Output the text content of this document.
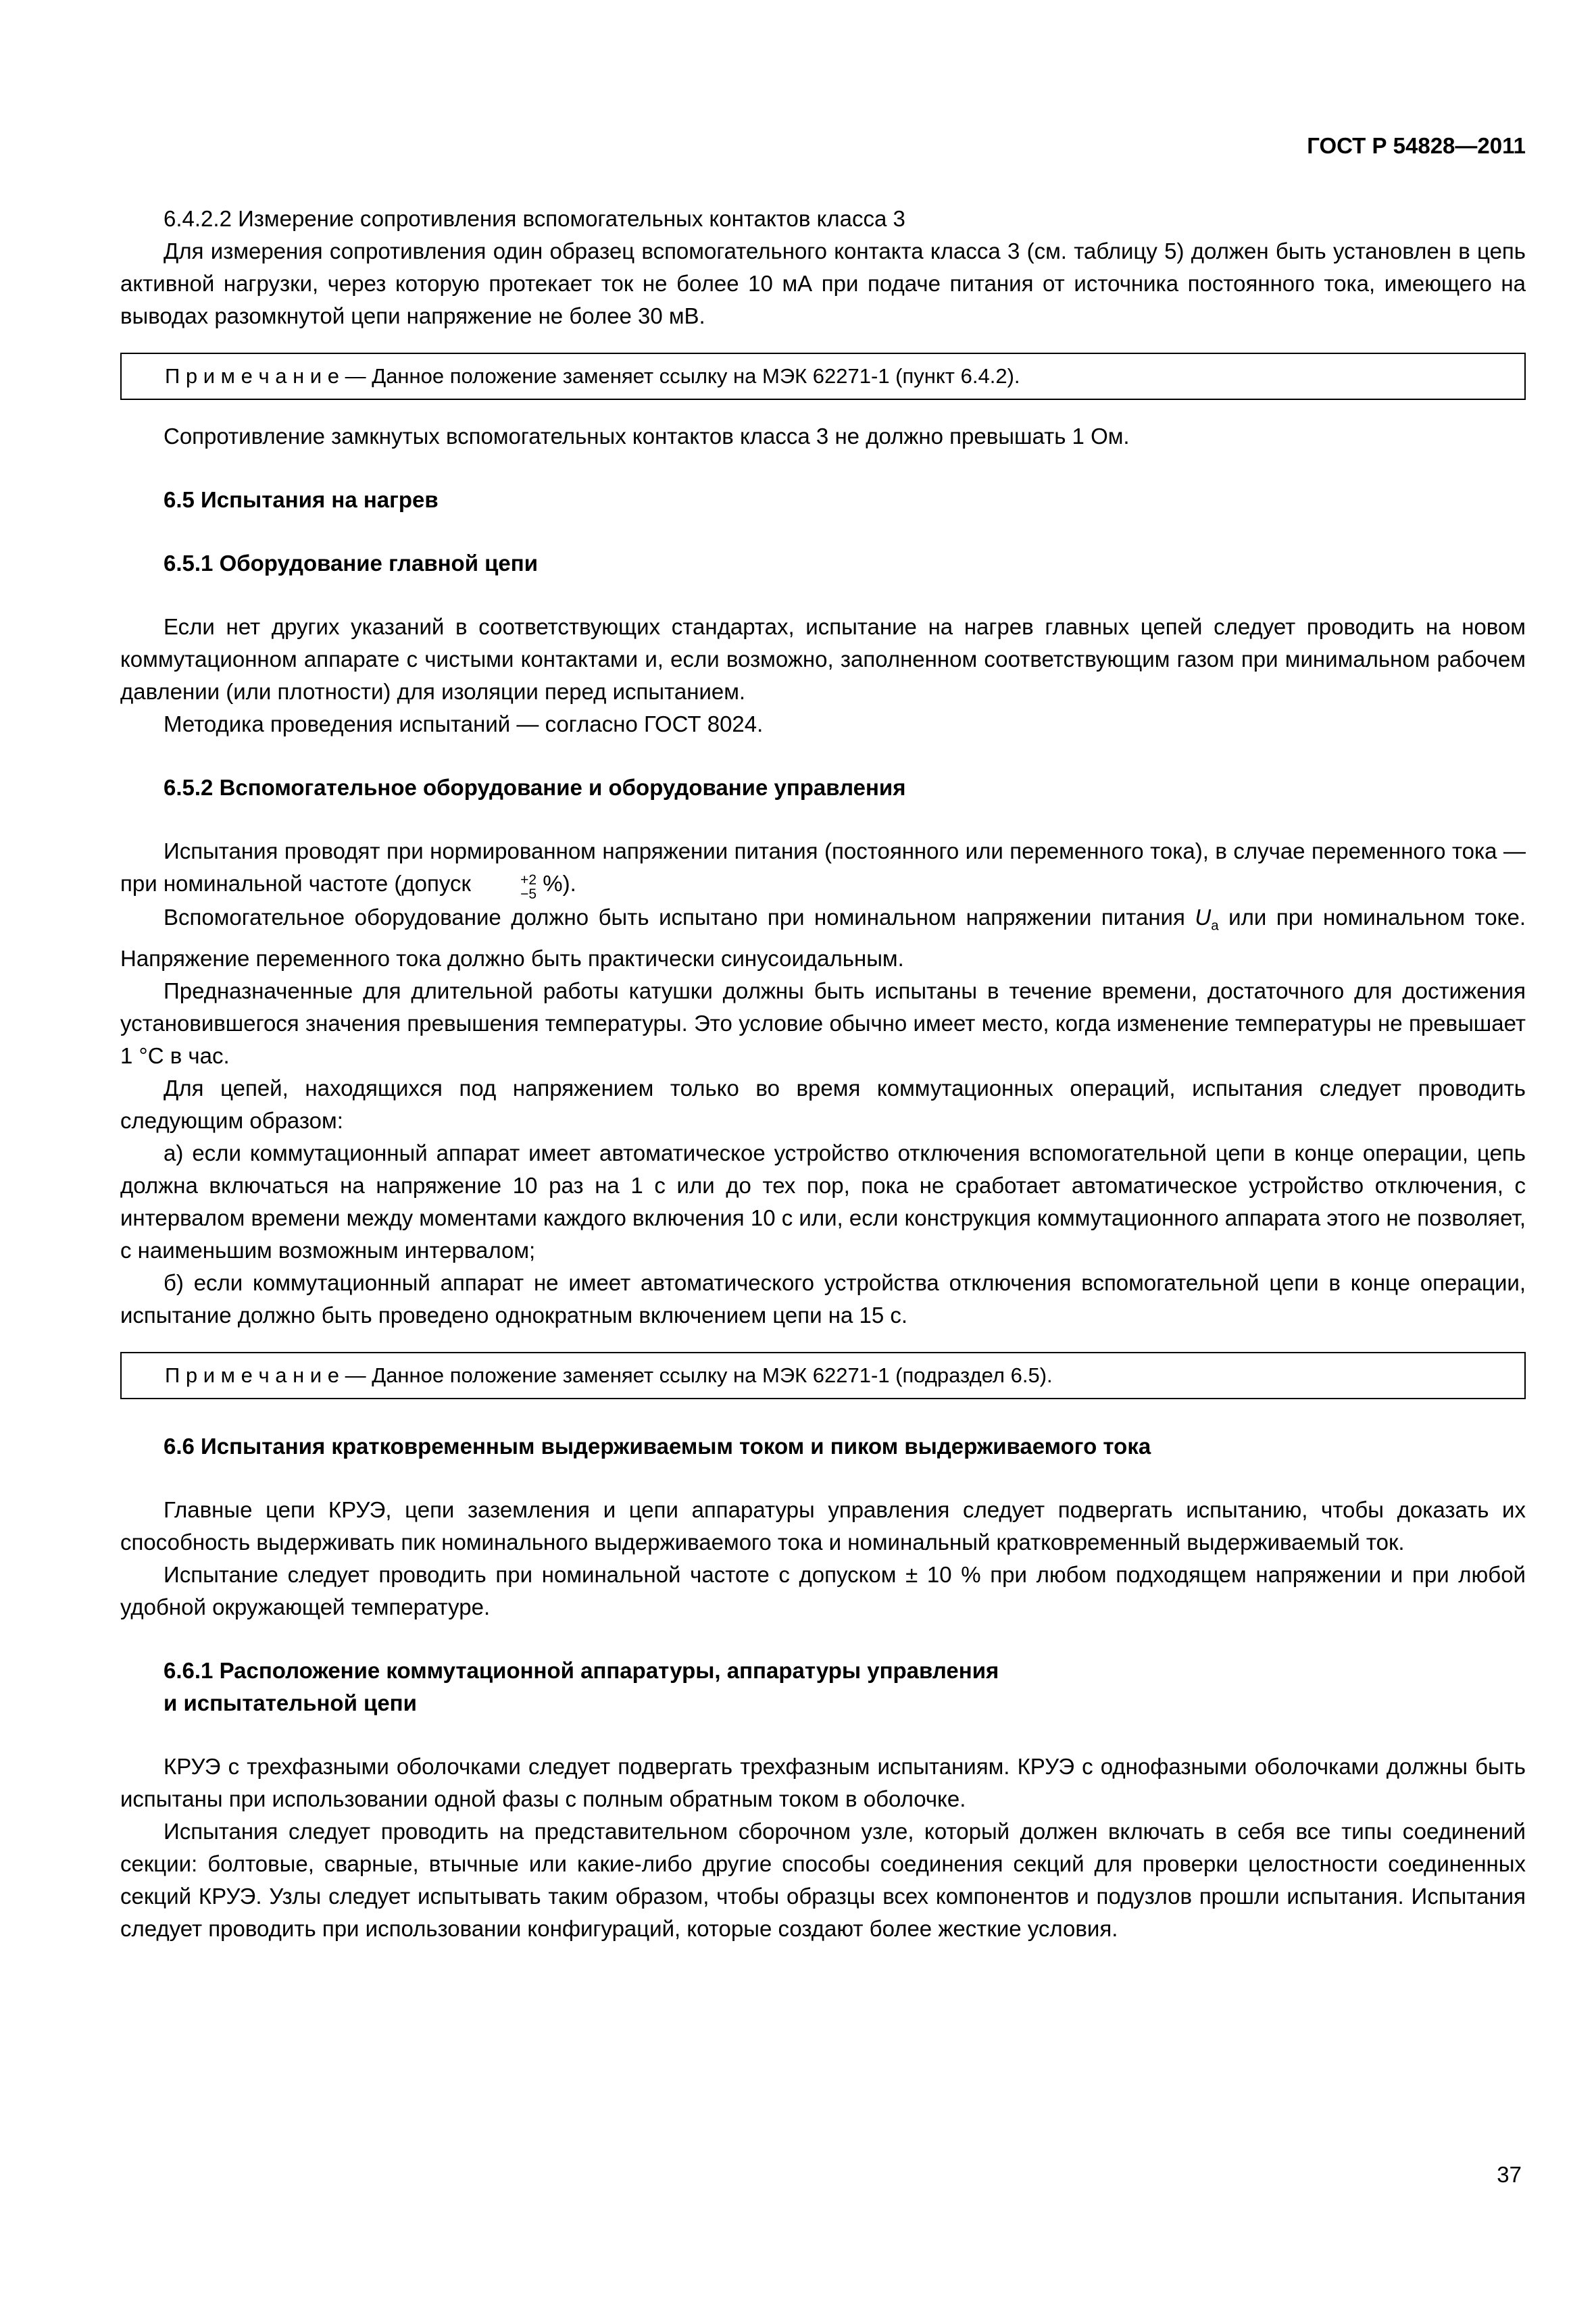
ГОСТ Р 54828—2011

6.4.2.2 Измерение сопротивления вспомогательных контактов класса 3

Для измерения сопротивления один образец вспомогательного контакта класса 3 (см. таблицу 5) должен быть установлен в цепь активной нагрузки, через которую протекает ток не более 10 мА при подаче питания от источника постоянного тока, имеющего на выводах разомкнутой цепи напряжение не более 30 мВ.

П р и м е ч а н и е — Данное положение заменяет ссылку на МЭК 62271-1 (пункт 6.4.2).

Сопротивление замкнутых вспомогательных контактов класса 3 не должно превышать 1 Ом.

6.5 Испытания на нагрев
6.5.1 Оборудование главной цепи

Если нет других указаний в соответствующих стандартах, испытание на нагрев главных цепей следует проводить на новом коммутационном аппарате с чистыми контактами и, если возможно, заполненном соответствующим газом при минимальном рабочем давлении (или плотности) для изоляции перед испытанием.

Методика проведения испытаний — согласно ГОСТ 8024.

6.5.2 Вспомогательное оборудование и оборудование управления

Испытания проводят при нормированном напряжении питания (постоянного или переменного тока), в случае переменного тока — при номинальной частоте (допуск	+2
−5 %).

Вспомогательное оборудование должно быть испытано при номинальном напряжении питания $U_а$ или при номинальном токе. Напряжение переменного тока должно быть практически синусоидальным.

Предназначенные для длительной работы катушки должны быть испытаны в течение времени, достаточного для достижения установившегося значения превышения температуры. Это условие обычно имеет место, когда изменение температуры не превышает 1 °С в час.

Для цепей, находящихся под напряжением только во время коммутационных операций, испытания следует проводить следующим образом:

а) если коммутационный аппарат имеет автоматическое устройство отключения вспомогательной цепи в конце операции, цепь должна включаться на напряжение 10 раз на 1 с или до тех пор, пока не сработает автоматическое устройство отключения, с интервалом времени между моментами каждого включения 10 с или, если конструкция коммутационного аппарата этого не позволяет, с наименьшим возможным интервалом;

б) если коммутационный аппарат не имеет автоматического устройства отключения вспомогательной цепи в конце операции, испытание должно быть проведено однократным включением цепи на 15 с.

П р и м е ч а н и е — Данное положение заменяет ссылку на МЭК 62271-1 (подраздел 6.5).

6.6 Испытания кратковременным выдерживаемым током и пиком выдерживаемого тока

Главные цепи КРУЭ, цепи заземления и цепи аппаратуры управления следует подвергать испытанию, чтобы доказать их способность выдерживать пик номинального выдерживаемого тока и номинальный кратковременный выдерживаемый ток.

Испытание следует проводить при номинальной частоте с допуском ± 10 % при любом подходящем напряжении и при любой удобной окружающей температуре.

6.6.1 Расположение коммутационной аппаратуры, аппаратуры управления
и испытательной цепи

КРУЭ с трехфазными оболочками следует подвергать трехфазным испытаниям. КРУЭ с однофазными оболочками должны быть испытаны при использовании одной фазы с полным обратным током в оболочке.

Испытания следует проводить на представительном сборочном узле, который должен включать в себя все типы соединений секции: болтовые, сварные, втычные или какие-либо другие способы соединения секций для проверки целостности соединенных секций КРУЭ. Узлы следует испытывать таким образом, чтобы образцы всех компонентов и подузлов прошли испытания. Испытания следует проводить при использовании конфигураций, которые создают более жесткие условия.

37
